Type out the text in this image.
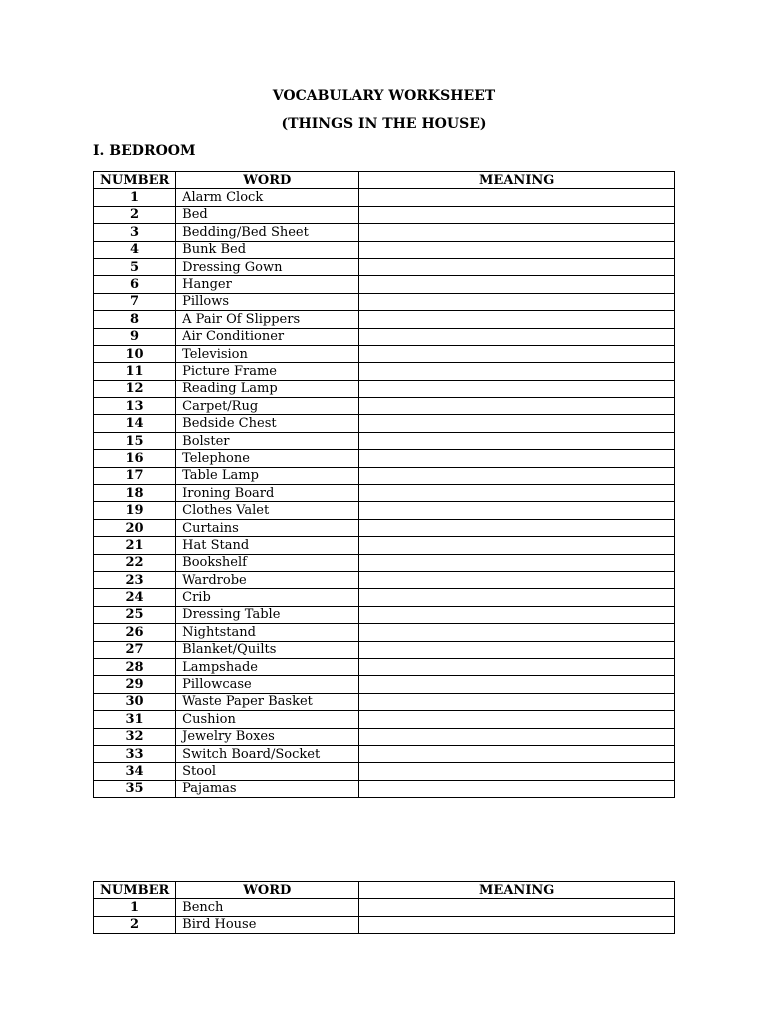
VOCABULARY WORKSHEET
(THINGS IN THE HOUSE)
I. BEDROOM
NUMBER	WORD	MEANING
1	Alarm Clock	
2	Bed	
3	Bedding/Bed Sheet	
4	Bunk Bed	
5	Dressing Gown	
6	Hanger	
7	Pillows	
8	A Pair Of Slippers	
9	Air Conditioner	
10	Television	
11	Picture Frame	
12	Reading Lamp	
13	Carpet/Rug	
14	Bedside Chest	
15	Bolster	
16	Telephone	
17	Table Lamp	
18	Ironing Board	
19	Clothes Valet	
20	Curtains	
21	Hat Stand	
22	Bookshelf	
23	Wardrobe	
24	Crib	
25	Dressing Table	
26	Nightstand	
27	Blanket/Quilts	
28	Lampshade	
29	Pillowcase	
30	Waste Paper Basket	
31	Cushion	
32	Jewelry Boxes	
33	Switch Board/Socket	
34	Stool	
35	Pajamas	
NUMBER	WORD	MEANING
1	Bench	
2	Bird House	
